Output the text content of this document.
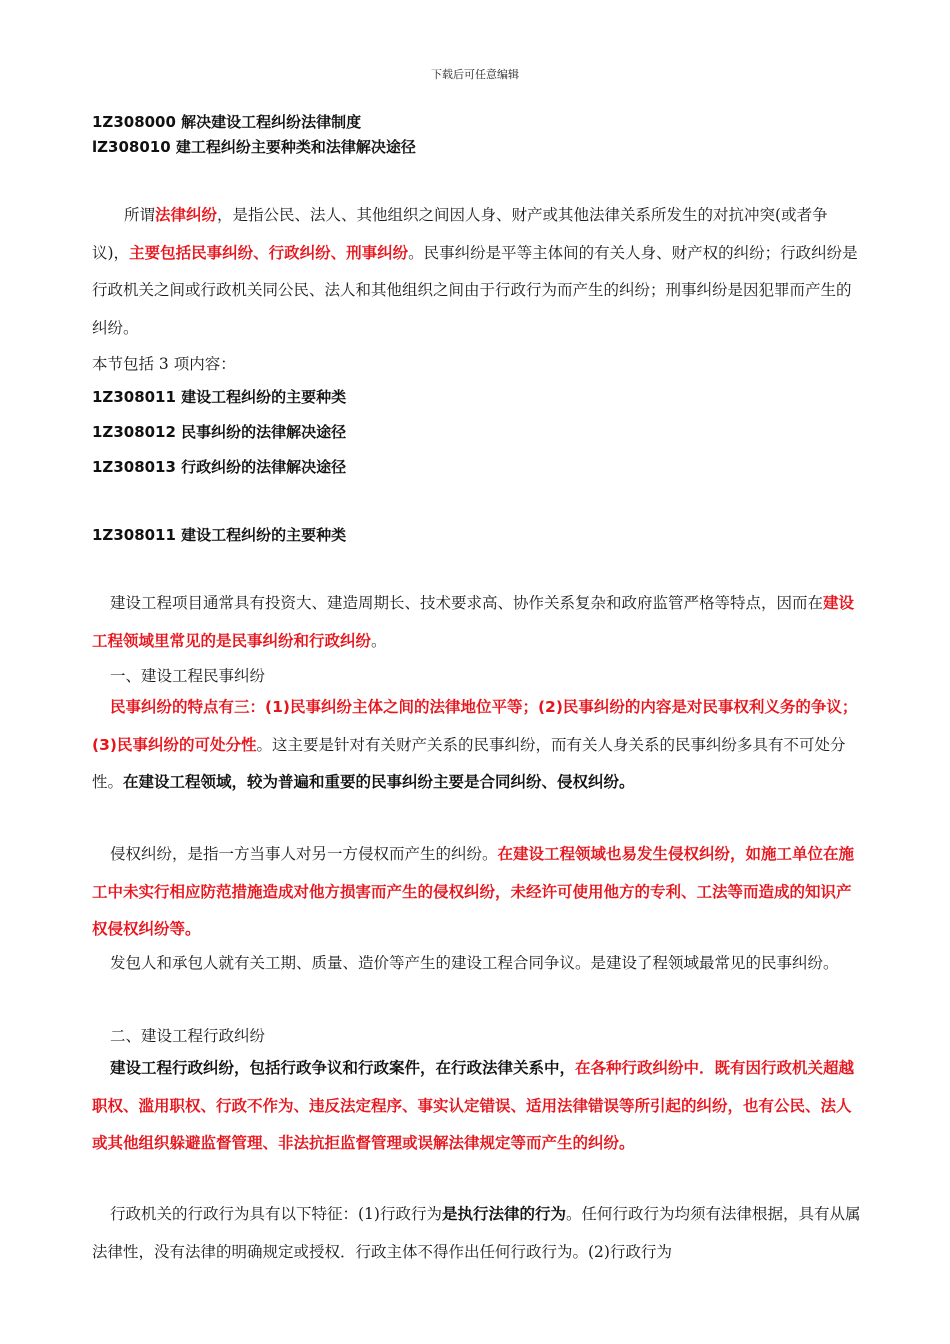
下载后可任意编辑
1Z308000 解决建设工程纠纷法律制度
lZ308010 建工程纠纷主要种类和法律解决途径
所谓法律纠纷，是指公民、法人、其他组织之间因人身、财产或其他法律关系所发生的对抗冲突(或者争议)，主要包括民事纠纷、行政纠纷、刑事纠纷。民事纠纷是平等主体间的有关人身、财产权的纠纷；行政纠纷是行政机关之间或行政机关同公民、法人和其他组织之间由于行政行为而产生的纠纷；刑事纠纷是因犯罪而产生的纠纷。
本节包括 3 项内容：
1Z308011 建设工程纠纷的主要种类
1Z308012 民事纠纷的法律解决途径
1Z308013 行政纠纷的法律解决途径
1Z308011 建设工程纠纷的主要种类
建设工程项目通常具有投资大、建造周期长、技术要求高、协作关系复杂和政府监管严格等特点，因而在建设工程领域里常见的是民事纠纷和行政纠纷。
一、建设工程民事纠纷
民事纠纷的特点有三：(1)民事纠纷主体之间的法律地位平等；(2)民事纠纷的内容是对民事权利义务的争议；(3)民事纠纷的可处分性。这主要是针对有关财产关系的民事纠纷，而有关人身关系的民事纠纷多具有不可处分性。在建设工程领域，较为普遍和重要的民事纠纷主要是合同纠纷、侵权纠纷。
侵权纠纷，是指一方当事人对另一方侵权而产生的纠纷。在建设工程领域也易发生侵权纠纷，如施工单位在施工中未实行相应防范措施造成对他方损害而产生的侵权纠纷，未经许可使用他方的专利、工法等而造成的知识产权侵权纠纷等。
发包人和承包人就有关工期、质量、造价等产生的建设工程合同争议。是建设了程领域最常见的民事纠纷。
二、建设工程行政纠纷
建设工程行政纠纷，包括行政争议和行政案件，在行政法律关系中，在各种行政纠纷中．既有因行政机关超越职权、滥用职权、行政不作为、违反法定程序、事实认定错误、适用法律错误等所引起的纠纷，也有公民、法人或其他组织躲避监督管理、非法抗拒监督管理或误解法律规定等而产生的纠纷。
行政机关的行政行为具有以下特征：(1)行政行为是执行法律的行为。任何行政行为均须有法律根据，具有从属法律性，没有法律的明确规定或授权．行政主体不得作出任何行政行为。(2)行政行为
